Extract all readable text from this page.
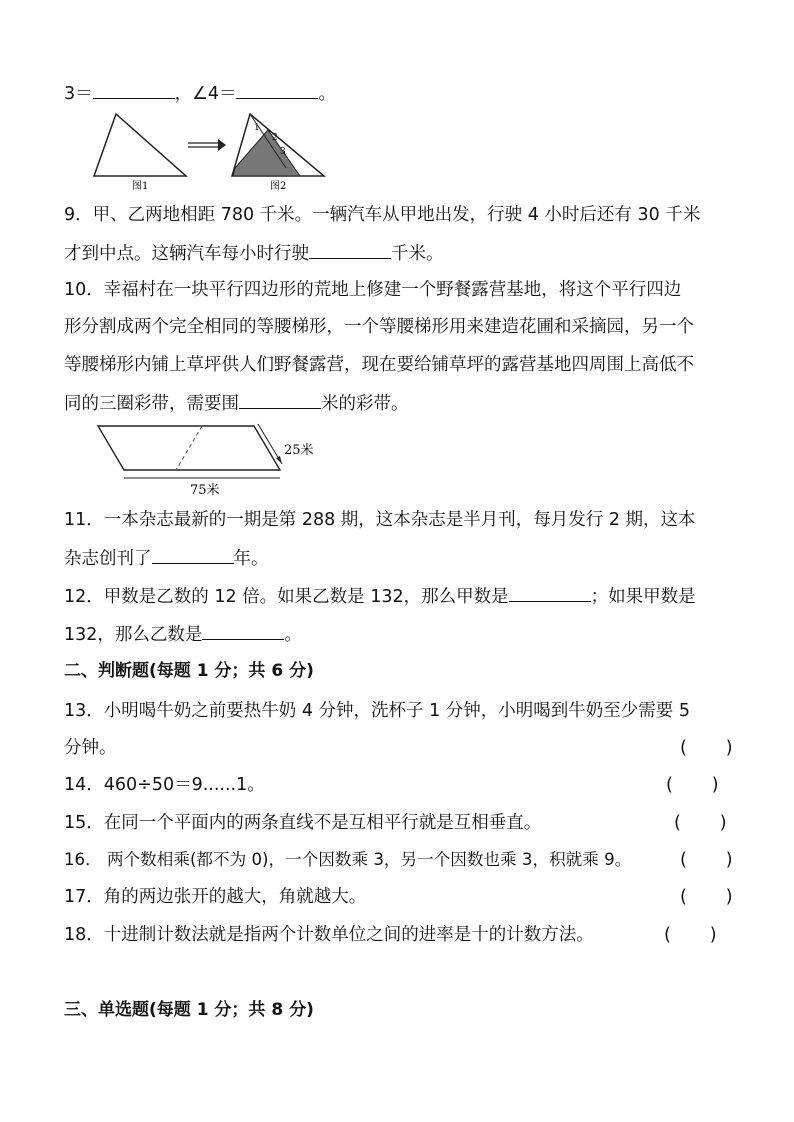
3＝	，∠4＝	。
图1
1
2
3
图2
9．甲、乙两地相距 780 千米。一辆汽车从甲地出发，行驶 4 小时后还有 30 千米
才到中点。这辆汽车每小时行驶	千米。
10．幸福村在一块平行四边形的荒地上修建一个野餐露营基地，将这个平行四边
形分割成两个完全相同的等腰梯形，一个等腰梯形用来建造花圃和采摘园，另一个
等腰梯形内铺上草坪供人们野餐露营，现在要给铺草坪的露营基地四周围上高低不
同的三圈彩带，需要围	米的彩带。
25米
75米
11．一本杂志最新的一期是第 288 期，这本杂志是半月刊，每月发行 2 期，这本
杂志创刊了	年。
12．甲数是乙数的 12 倍。如果乙数是 132，那么甲数是	；如果甲数是
132，那么乙数是	。
二、判断题(每题 1 分；共 6 分)
13．小明喝牛奶之前要热牛奶 4 分钟，洗杯子 1 分钟，小明喝到牛奶至少需要 5
分钟。	(       )
14．460÷50＝9......1。	(       )
15．在同一个平面内的两条直线不是互相平行就是互相垂直。	(       )
16． 两个数相乘(都不为 0)，一个因数乘 3，另一个因数也乘 3，积就乘 9。	(       )
17．角的两边张开的越大，角就越大。	(       )
18．十进制计数法就是指两个计数单位之间的进率是十的计数方法。	(       )
三、单选题(每题 1 分；共 8 分)
